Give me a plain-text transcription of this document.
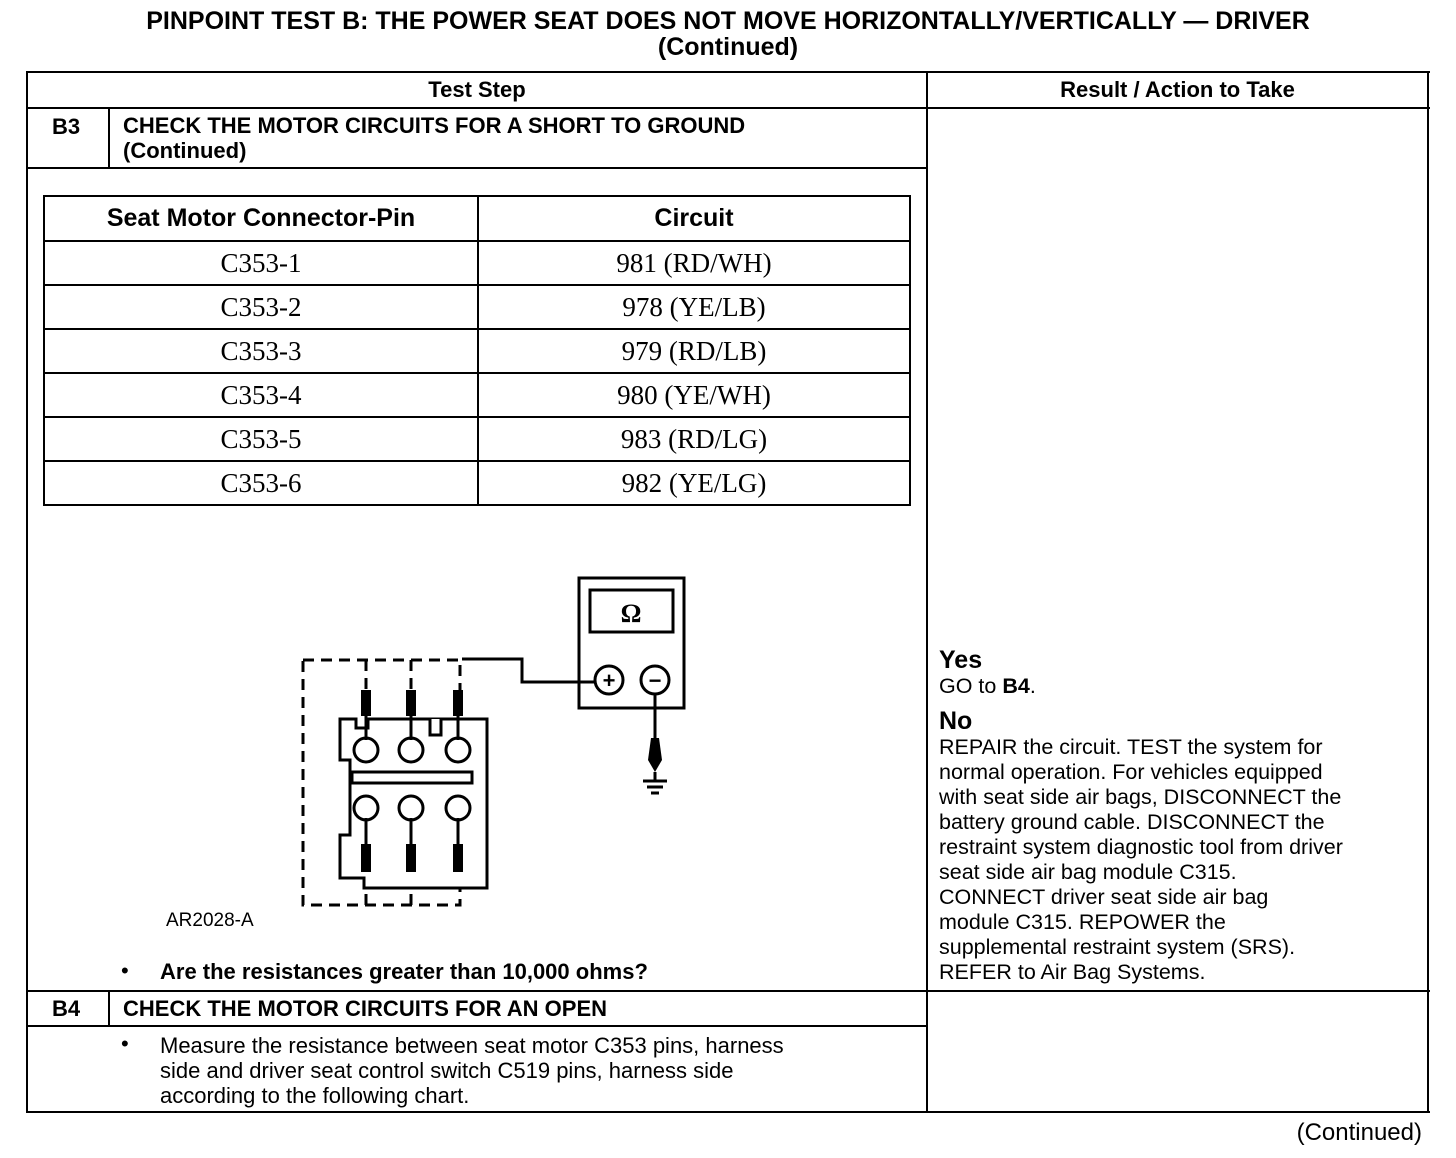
PINPOINT TEST B: THE POWER SEAT DOES NOT MOVE HORIZONTALLY/VERTICALLY — DRIVER
(Continued)
Test Step	Result / Action to Take
B3 CHECK THE MOTOR CIRCUITS FOR A SHORT TO GROUND
(Continued)
Seat Motor Connector-Pin	Circuit
C353-1	981 (RD/WH)
C353-2	978 (YE/LB)
C353-3	979 (RD/LB)
C353-4	980 (YE/WH)
C353-5	983 (RD/LG)
C353-6	982 (YE/LG)
Ω
+ −
AR2028-A
• Are the resistances greater than 10,000 ohms?
Yes
GO to B4.
No
REPAIR the circuit. TEST the system for
normal operation. For vehicles equipped
with seat side air bags, DISCONNECT the
battery ground cable. DISCONNECT the
restraint system diagnostic tool from driver
seat side air bag module C315.
CONNECT driver seat side air bag
module C315. REPOWER the
supplemental restraint system (SRS).
REFER to Air Bag Systems.
B4 CHECK THE MOTOR CIRCUITS FOR AN OPEN
• Measure the resistance between seat motor C353 pins, harness
side and driver seat control switch C519 pins, harness side
according to the following chart.
(Continued)
